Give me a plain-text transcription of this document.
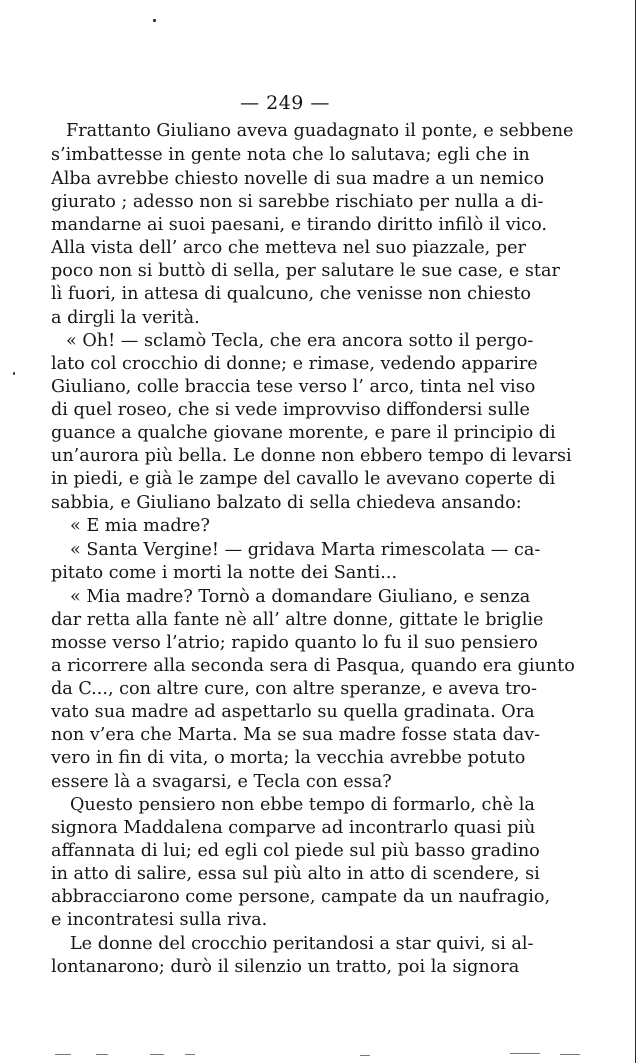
— 249 —
Frattanto Giuliano aveva guadagnato il ponte, e sebbene
s’imbattesse in gente nota che lo salutava; egli che in
Alba avrebbe chiesto novelle di sua madre a un nemico
giurato ; adesso non si sarebbe rischiato per nulla a di-
mandarne ai suoi paesani, e tirando diritto infilò il vico.
Alla vista dell’ arco che metteva nel suo piazzale, per
poco non si buttò di sella, per salutare le sue case, e star
lì fuori, in attesa di qualcuno, che venisse non chiesto
a dirgli la verità.
« Oh! — sclamò Tecla, che era ancora sotto il pergo-
lato col crocchio di donne; e rimase, vedendo apparire
Giuliano, colle braccia tese verso l’ arco, tinta nel viso
di quel roseo, che si vede improvviso diffondersi sulle
guance a qualche giovane morente, e pare il principio di
un’aurora più bella. Le donne non ebbero tempo di levarsi
in piedi, e già le zampe del cavallo le avevano coperte di
sabbia, e Giuliano balzato di sella chiedeva ansando:
« E mia madre?
« Santa Vergine! — gridava Marta rimescolata — ca-
pitato come i morti la notte dei Santi...
« Mia madre? Tornò a domandare Giuliano, e senza
dar retta alla fante nè all’ altre donne, gittate le briglie
mosse verso l’atrio; rapido quanto lo fu il suo pensiero
a ricorrere alla seconda sera di Pasqua, quando era giunto
da C..., con altre cure, con altre speranze, e aveva tro-
vato sua madre ad aspettarlo su quella gradinata. Ora
non v’era che Marta. Ma se sua madre fosse stata dav-
vero in fin di vita, o morta; la vecchia avrebbe potuto
essere là a svagarsi, e Tecla con essa?
Questo pensiero non ebbe tempo di formarlo, chè la
signora Maddalena comparve ad incontrarlo quasi più
affannata di lui; ed egli col piede sul più basso gradino
in atto di salire, essa sul più alto in atto di scendere, si
abbracciarono come persone, campate da un naufragio,
e incontratesi sulla riva.
Le donne del crocchio peritandosi a star quivi, si al-
lontanarono; durò il silenzio un tratto, poi la signora
